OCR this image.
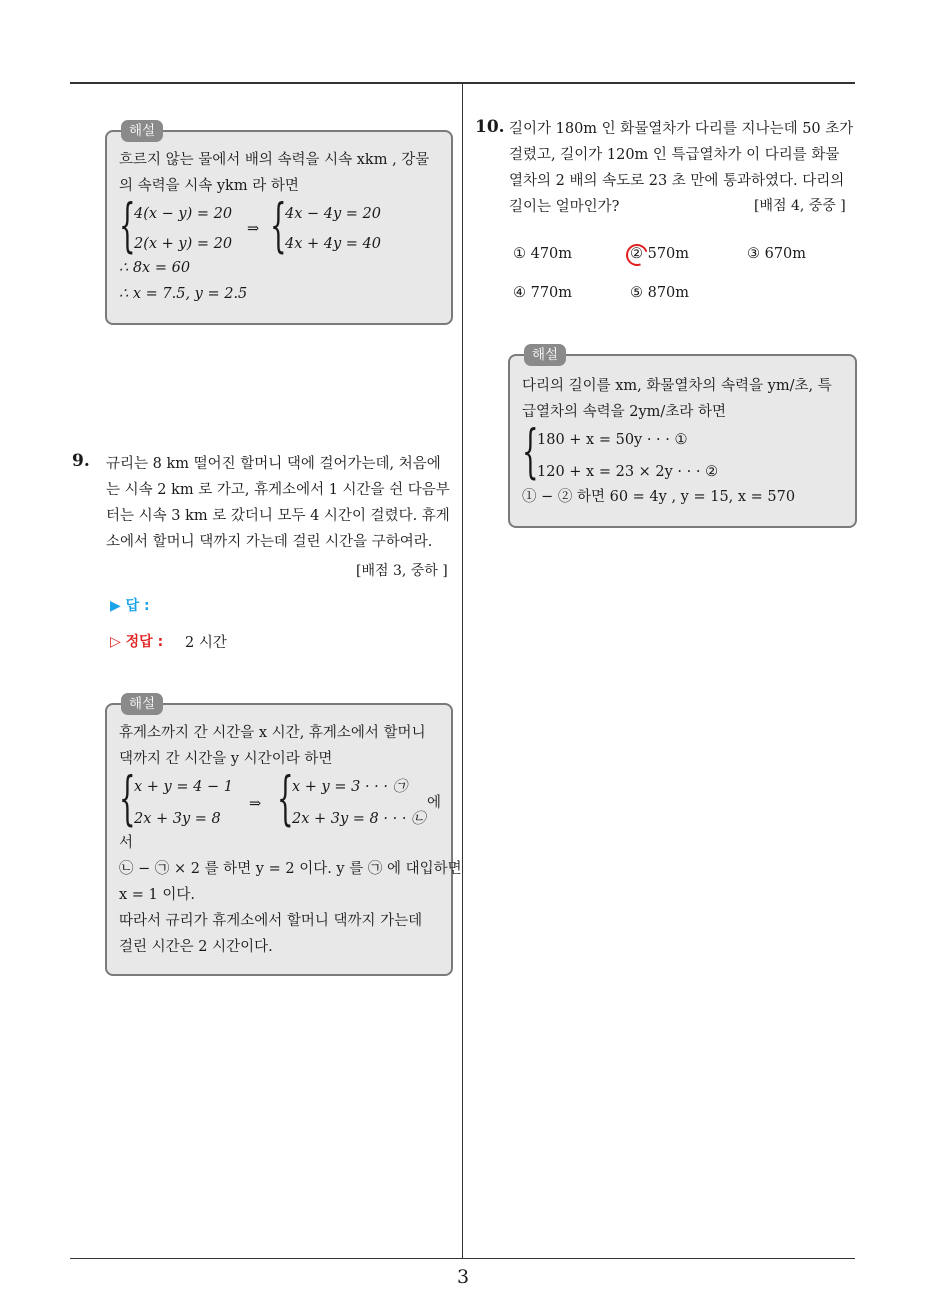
해설
흐르지 않는 물에서 배의 속력을 시속 xkm , 강물
의 속력을 시속 ykm 라 하면
{
4(x − y) = 20
2(x + y) = 20
⇒ {
4x − 4y = 20
4x + 4y = 40
∴ 8x = 60
∴ x = 7.5, y = 2.5
9. 규리는 8 km 떨어진 할머니 댁에 걸어가는데, 처음에
는 시속 2 km 로 가고, 휴게소에서 1 시간을 쉰 다음부
터는 시속 3 km 로 갔더니 모두 4 시간이 걸렸다. 휴게
소에서 할머니 댁까지 가는데 걸린 시간을 구하여라.
[배점 3, 중하 ]
▶ 답 :
▷ 정답 : 2 시간
해설
휴게소까지 간 시간을 x 시간, 휴게소에서 할머니
댁까지 간 시간을 y 시간이라 하면
{
x + y = 4 − 1
2x + 3y = 8
⇒ {
x + y = 3 · · · ㉠
2x + 3y = 8 · · · ㉡
에
서
㉡ − ㉠ × 2 를 하면 y = 2 이다. y 를 ㉠ 에 대입하면
x = 1 이다.
따라서 규리가 휴게소에서 할머니 댁까지 가는데
걸린 시간은 2 시간이다.
10. 길이가 180m 인 화물열차가 다리를 지나는데 50 초가
걸렸고, 길이가 120m 인 특급열차가 이 다리를 화물
열차의 2 배의 속도로 23 초 만에 통과하였다. 다리의
길이는 얼마인가?	[배점 4, 중중 ]
① 470m	② 570m	③ 670m
④ 770m	⑤ 870m
해설
다리의 길이를 xm, 화물열차의 속력을 ym/초, 특
급열차의 속력을 2ym/초라 하면
{
180 + x = 50y · · · ①
120 + x = 23 × 2y · · · ②
① − ② 하면 60 = 4y , y = 15, x = 570
3
